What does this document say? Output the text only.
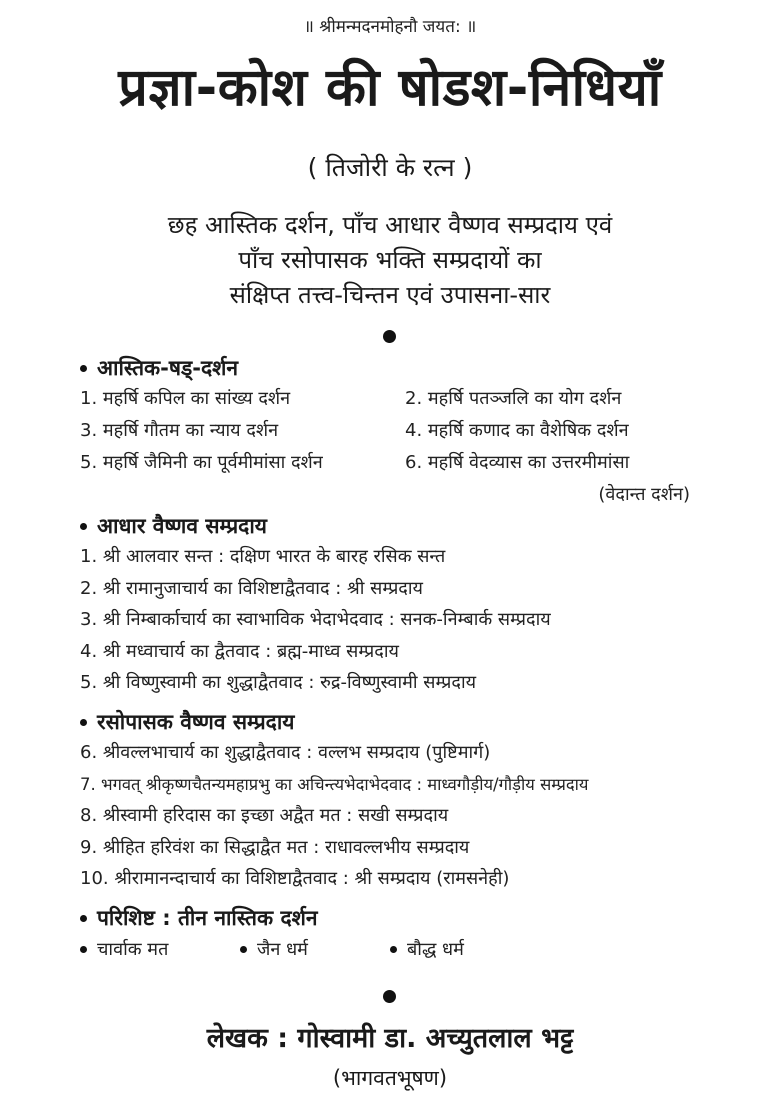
॥ श्रीमन्मदनमोहनौ जयत: ॥
प्रज्ञा-कोश की षोडश-निधियाँ
( तिजोरी के रत्न )
छह आस्तिक दर्शन, पाँच आधार वैष्णव सम्प्रदाय एवं
पाँच रसोपासक भक्ति सम्प्रदायों का
संक्षिप्त तत्त्व-चिन्तन एवं उपासना-सार
आस्तिक-षड्-दर्शन
1. महर्षि कपिल का सांख्य दर्शन	2. महर्षि पतञ्जलि का योग दर्शन
3. महर्षि गौतम का न्याय दर्शन	4. महर्षि कणाद का वैशेषिक दर्शन
5. महर्षि जैमिनी का पूर्वमीमांसा दर्शन	6. महर्षि वेदव्यास का उत्तरमीमांसा
(वेदान्त दर्शन)
आधार वैष्णव सम्प्रदाय
1. श्री आलवार सन्त : दक्षिण भारत के बारह रसिक सन्त
2. श्री रामानुजाचार्य का विशिष्टाद्वैतवाद : श्री सम्प्रदाय
3. श्री निम्बार्काचार्य का स्वाभाविक भेदाभेदवाद : सनक-निम्बार्क सम्प्रदाय
4. श्री मध्वाचार्य का द्वैतवाद : ब्रह्म-माध्व सम्प्रदाय
5. श्री विष्णुस्वामी का शुद्धाद्वैतवाद : रुद्र-विष्णुस्वामी सम्प्रदाय
रसोपासक वैष्णव सम्प्रदाय
6. श्रीवल्लभाचार्य का शुद्धाद्वैतवाद : वल्लभ सम्प्रदाय (पुष्टिमार्ग)
7. भगवत् श्रीकृष्णचैतन्यमहाप्रभु का अचिन्त्यभेदाभेदवाद : माध्वगौड़ीय/गौड़ीय सम्प्रदाय
8. श्रीस्वामी हरिदास का इच्छा अद्वैत मत : सखी सम्प्रदाय
9. श्रीहित हरिवंश का सिद्धाद्वैत मत : राधावल्लभीय सम्प्रदाय
10. श्रीरामानन्दाचार्य का विशिष्टाद्वैतवाद : श्री सम्प्रदाय (रामसनेही)
परिशिष्ट : तीन नास्तिक दर्शन
चार्वाक मत	जैन धर्म	बौद्ध धर्म
लेखक : गोस्वामी डा. अच्युतलाल भट्ट
(भागवतभूषण)
